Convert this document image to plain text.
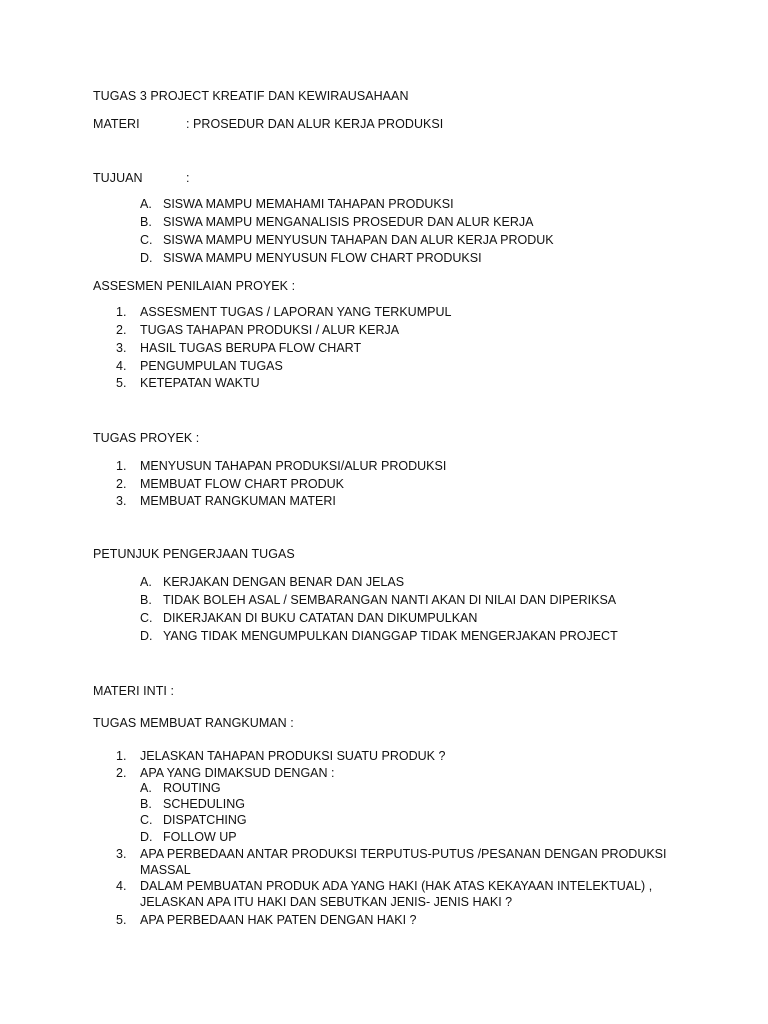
TUGAS 3 PROJECT KREATIF DAN KEWIRAUSAHAAN
MATERI	: PROSEDUR DAN ALUR KERJA PRODUKSI
TUJUAN	:
A. SISWA MAMPU MEMAHAMI TAHAPAN PRODUKSI
B. SISWA MAMPU MENGANALISIS PROSEDUR DAN ALUR KERJA
C. SISWA MAMPU MENYUSUN TAHAPAN DAN ALUR KERJA PRODUK
D. SISWA MAMPU MENYUSUN FLOW CHART PRODUKSI
ASSESMEN PENILAIAN PROYEK :
1. ASSESMENT TUGAS / LAPORAN YANG TERKUMPUL
2. TUGAS TAHAPAN PRODUKSI / ALUR KERJA
3. HASIL TUGAS BERUPA FLOW CHART
4. PENGUMPULAN TUGAS
5. KETEPATAN WAKTU
TUGAS PROYEK :
1. MENYUSUN TAHAPAN PRODUKSI/ALUR PRODUKSI
2. MEMBUAT FLOW CHART PRODUK
3. MEMBUAT RANGKUMAN MATERI
PETUNJUK PENGERJAAN TUGAS
A. KERJAKAN DENGAN BENAR DAN JELAS
B. TIDAK BOLEH ASAL / SEMBARANGAN NANTI AKAN DI NILAI DAN DIPERIKSA
C. DIKERJAKAN DI BUKU CATATAN DAN DIKUMPULKAN
D. YANG TIDAK MENGUMPULKAN DIANGGAP TIDAK MENGERJAKAN PROJECT
MATERI INTI :
TUGAS MEMBUAT RANGKUMAN :
1. JELASKAN TAHAPAN PRODUKSI SUATU PRODUK ?
2. APA YANG DIMAKSUD DENGAN :
A. ROUTING
B. SCHEDULING
C. DISPATCHING
D. FOLLOW UP
3. APA PERBEDAAN ANTAR PRODUKSI TERPUTUS-PUTUS /PESANAN DENGAN PRODUKSI
MASSAL
4. DALAM PEMBUATAN PRODUK ADA YANG HAKI (HAK ATAS KEKAYAAN INTELEKTUAL) ,
JELASKAN APA ITU HAKI DAN SEBUTKAN JENIS- JENIS HAKI ?
5. APA PERBEDAAN HAK PATEN DENGAN HAKI ?
